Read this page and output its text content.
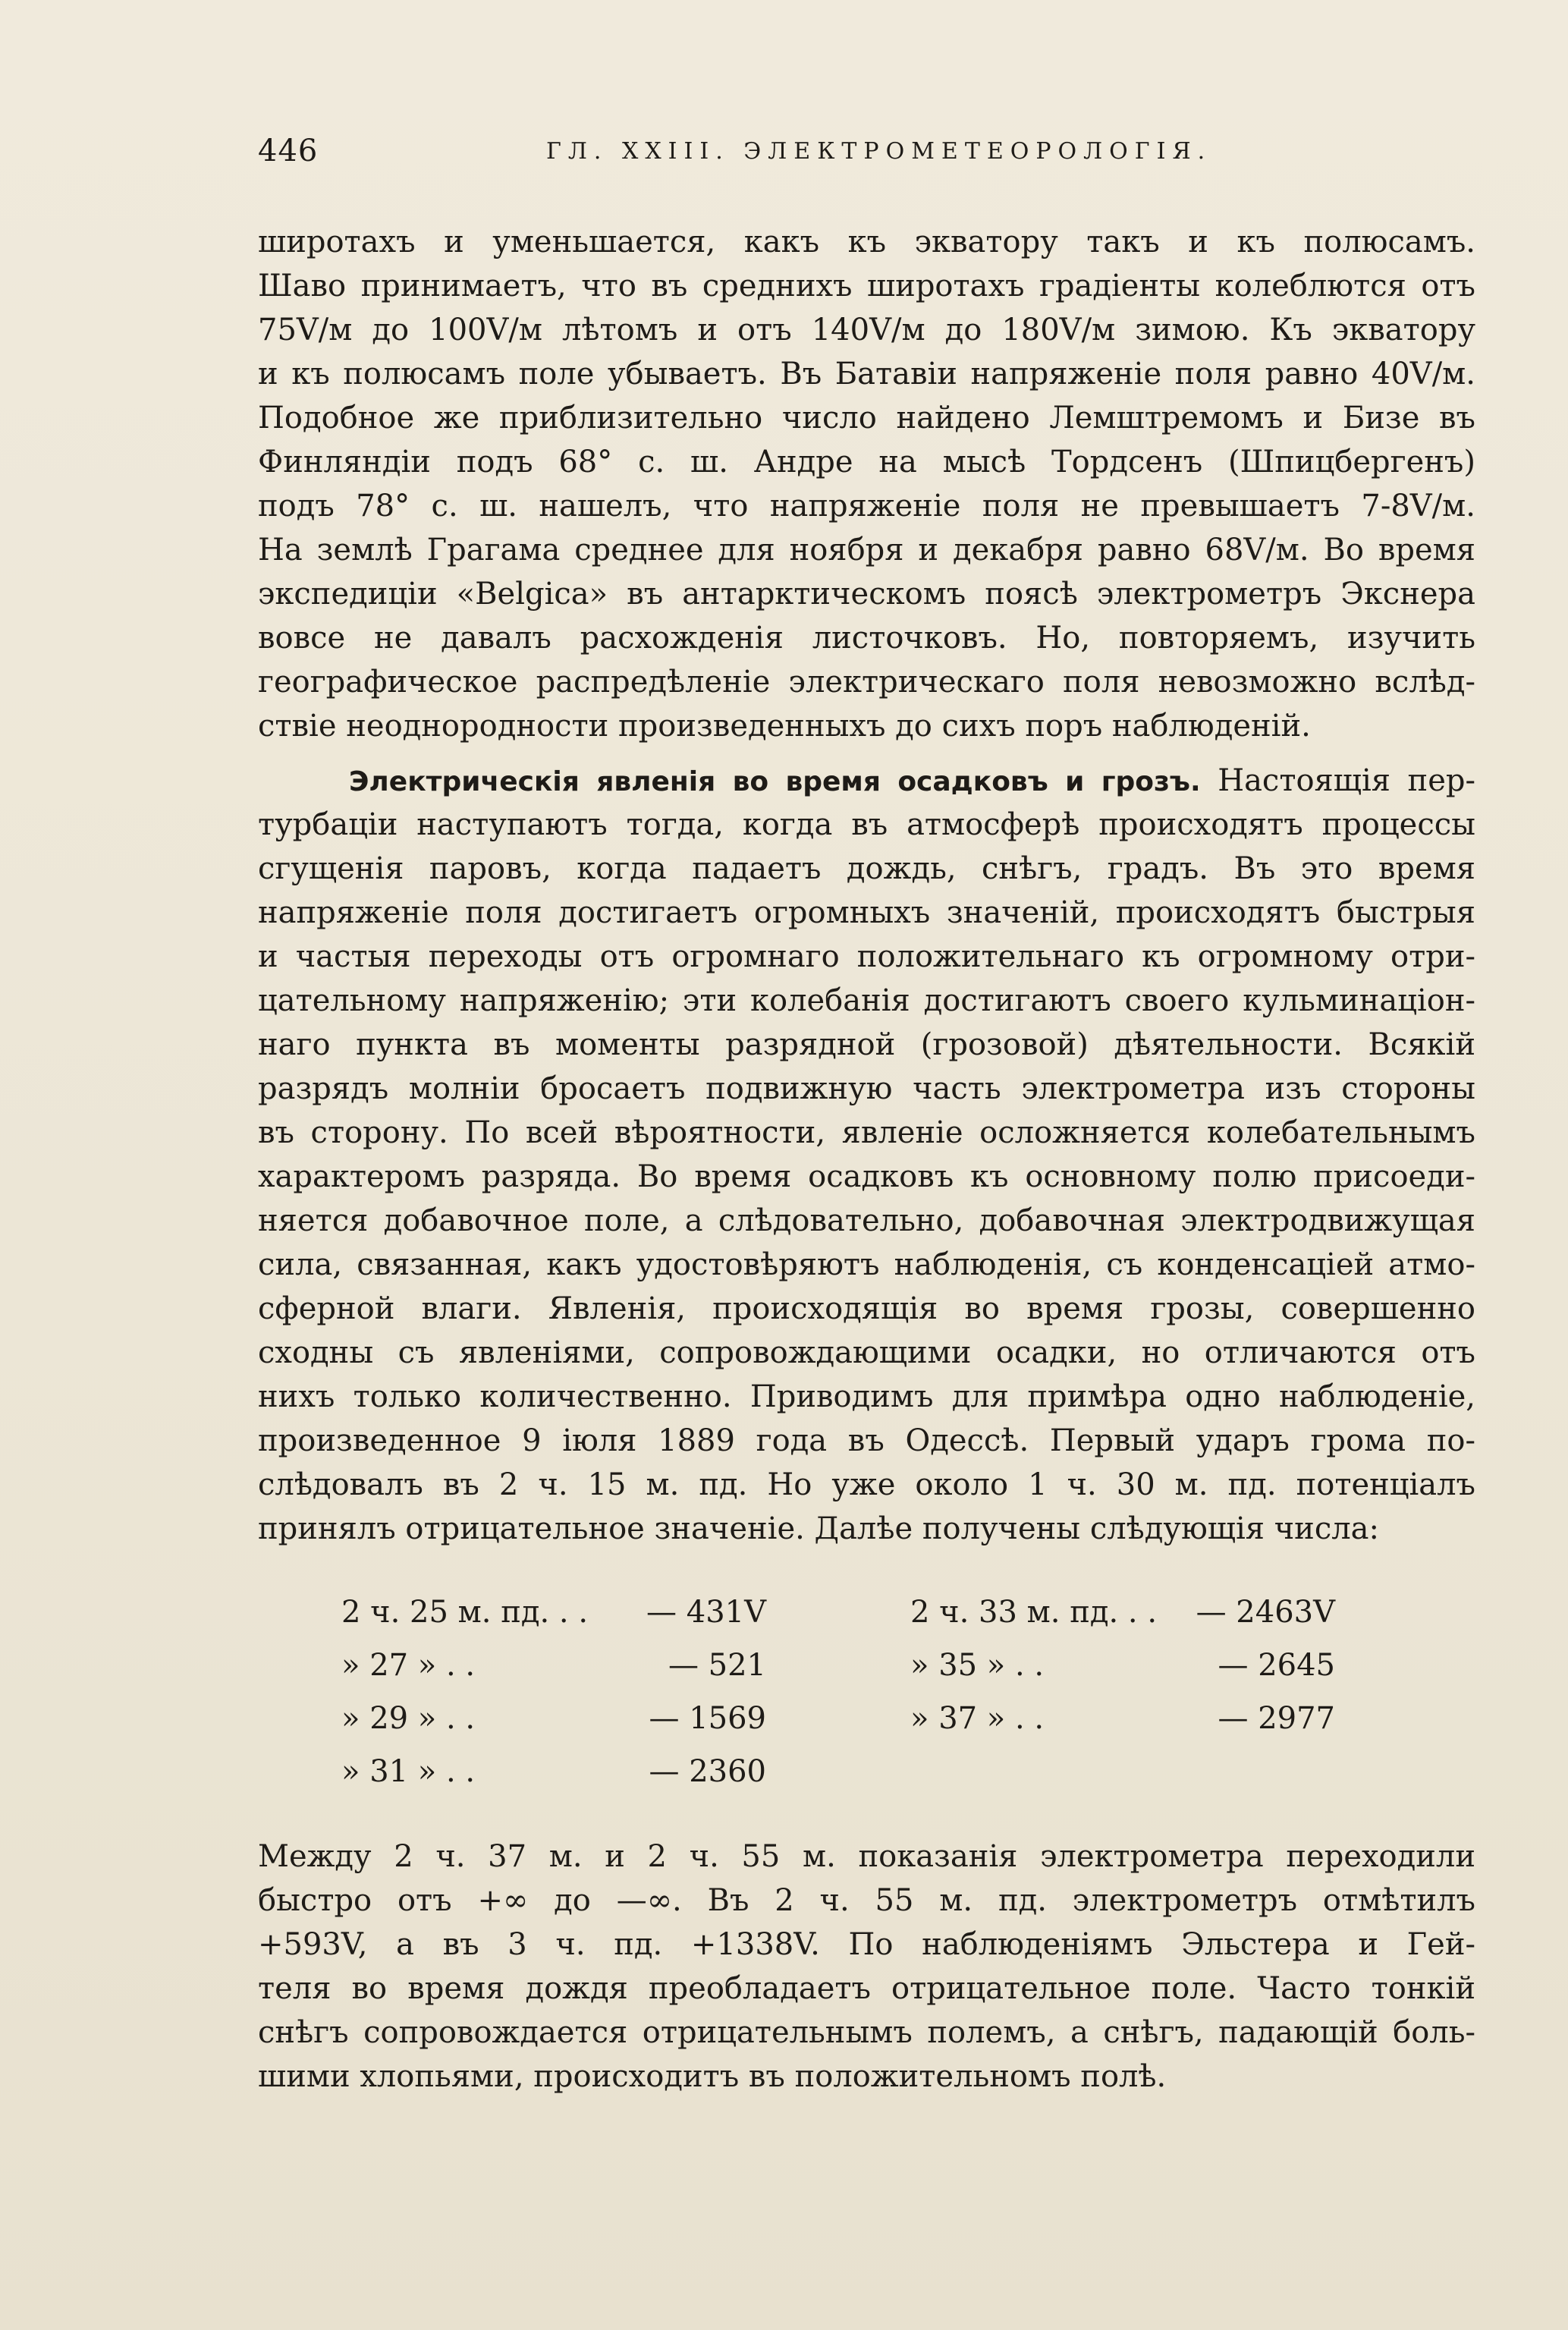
446	ГЛ. XXIII. ЭЛЕКТРОМЕТЕОРОЛОГІЯ.
широтахъ и уменьшается, какъ къ экватору такъ и къ полюсамъ.
Шаво принимаетъ, что въ среднихъ широтахъ градіенты колеблются отъ
75V/м до 100V/м лѣтомъ и отъ 140V/м до 180V/м зимою. Къ экватору
и къ полюсамъ поле убываетъ. Въ Батавіи напряженіе поля равно 40V/м.
Подобное же приблизительно число найдено Лемштремомъ и Бизе въ
Финляндіи подъ 68° с. ш. Андре на мысѣ Тордсенъ (Шпицбергенъ)
подъ 78° с. ш. нашелъ, что напряженіе поля не превышаетъ 7-8V/м.
На землѣ Грагама среднее для ноября и декабря равно 68V/м. Во время
экспедиціи «Belgica» въ антарктическомъ поясѣ электрометръ Экснера
вовсе не давалъ расхожденія листочковъ. Но, повторяемъ, изучить
географическое распредѣленіе электрическаго поля невозможно вслѣд-
ствіе неоднородности произведенныхъ до сихъ поръ наблюденій.
Электрическія явленія во время осадковъ и грозъ. Настоящія пер-
турбаціи наступаютъ тогда, когда въ атмосферѣ происходятъ процессы
сгущенія паровъ, когда падаетъ дождь, снѣгъ, градъ. Въ это время
напряженіе поля достигаетъ огромныхъ значеній, происходятъ быстрыя
и частыя переходы отъ огромнаго положительнаго къ огромному отри-
цательному напряженію; эти колебанія достигаютъ своего кульминаціон-
наго пункта въ моменты разрядной (грозовой) дѣятельности. Всякій
разрядъ молніи бросаетъ подвижную часть электрометра изъ стороны
въ сторону. По всей вѣроятности, явленіе осложняется колебательнымъ
характеромъ разряда. Во время осадковъ къ основному полю присоеди-
няется добавочное поле, а слѣдовательно, добавочная электродвижущая
сила, связанная, какъ удостовѣряютъ наблюденія, съ конденсаціей атмо-
сферной влаги. Явленія, происходящія во время грозы, совершенно
сходны съ явленіями, сопровождающими осадки, но отличаются отъ
нихъ только количественно. Приводимъ для примѣра одно наблюденіе,
произведенное 9 іюля 1889 года въ Одессѣ. Первый ударъ грома по-
слѣдовалъ въ 2 ч. 15 м. пд. Но уже около 1 ч. 30 м. пд. потенціалъ
принялъ отрицательное значеніе. Далѣе получены слѣдующія числа:
2 ч. 25 м. пд. . . — 431V
» 27 » . .	— 521
» 29 » . .	— 1569
» 31 » . .	— 2360
2 ч. 33 м. пд. . . — 2463V
» 35 » . .	— 2645
» 37 » . .	— 2977
Между 2 ч. 37 м. и 2 ч. 55 м. показанія электрометра переходили
быстро отъ +∞ до —∞. Въ 2 ч. 55 м. пд. электрометръ отмѣтилъ
+593V, а въ 3 ч. пд. +1338V. По наблюденіямъ Эльстера и Гей-
теля во время дождя преобладаетъ отрицательное поле. Часто тонкій
снѣгъ сопровождается отрицательнымъ полемъ, а снѣгъ, падающій боль-
шими хлопьями, происходитъ въ положительномъ полѣ.
